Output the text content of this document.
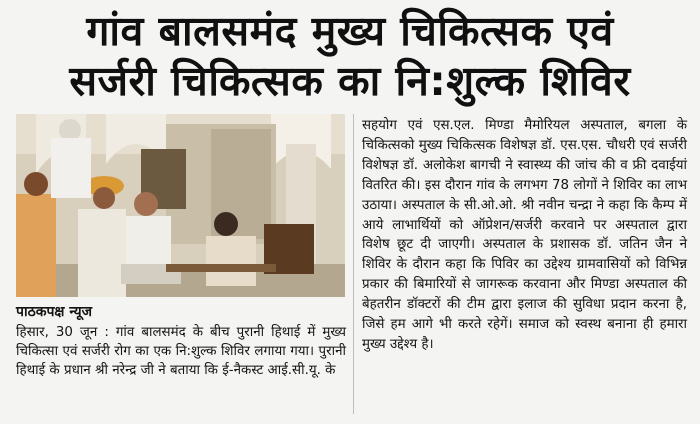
गांव बालसमंद मुख्य चिकित्सक एवं
सर्जरी चिकित्सक का नि:शुल्क शिविर
पाठकपक्ष न्यूज

हिसार, 30 जून : गांव बालसमंद के बीच पुरानी हिथाई में मुख्य चिकित्सा एवं सर्जरी रोग का एक नि:शुल्क शिविर लगाया गया। पुरानी हिथाई के प्रधान श्री नरेन्द्र जी ने बताया कि ई-नैकस्ट आई.सी.यू. के

सहयोग एवं एस.एल. मिण्डा मैमोरियल अस्पताल, बगला के चिकित्सको मुख्य चिकित्सक विशेषज्ञ डॉ. एस.एस. चौधरी एवं सर्जरी विशेषज्ञ डॉ. अलोकेश बागची ने स्वास्थ्य की जांच की व फ्री दवाईयां वितरित की। इस दौरान गांव के लगभग 78 लोगों ने शिविर का लाभ उठाया। अस्पताल के सी.ओ.ओ. श्री नवीन चन्द्रा ने कहा कि कैम्प में आये लाभार्थियों को ऑप्रेशन/सर्जरी करवाने पर अस्पताल द्वारा विशेष छूट दी जाएगी। अस्पताल के प्रशासक डॉ. जतिन जैन ने शिविर के दौरान कहा कि पिविर का उद्देश्य ग्रामवासियों को विभिन्न प्रकार की बिमारियों से जागरूक करवाना और मिण्डा अस्पताल की बेहतरीन डॉक्टरों की टीम द्वारा इलाज की सुविधा प्रदान करना है, जिसे हम आगे भी करते रहेगें। समाज को स्वस्थ बनाना ही हमारा मुख्य उद्देश्य है।
